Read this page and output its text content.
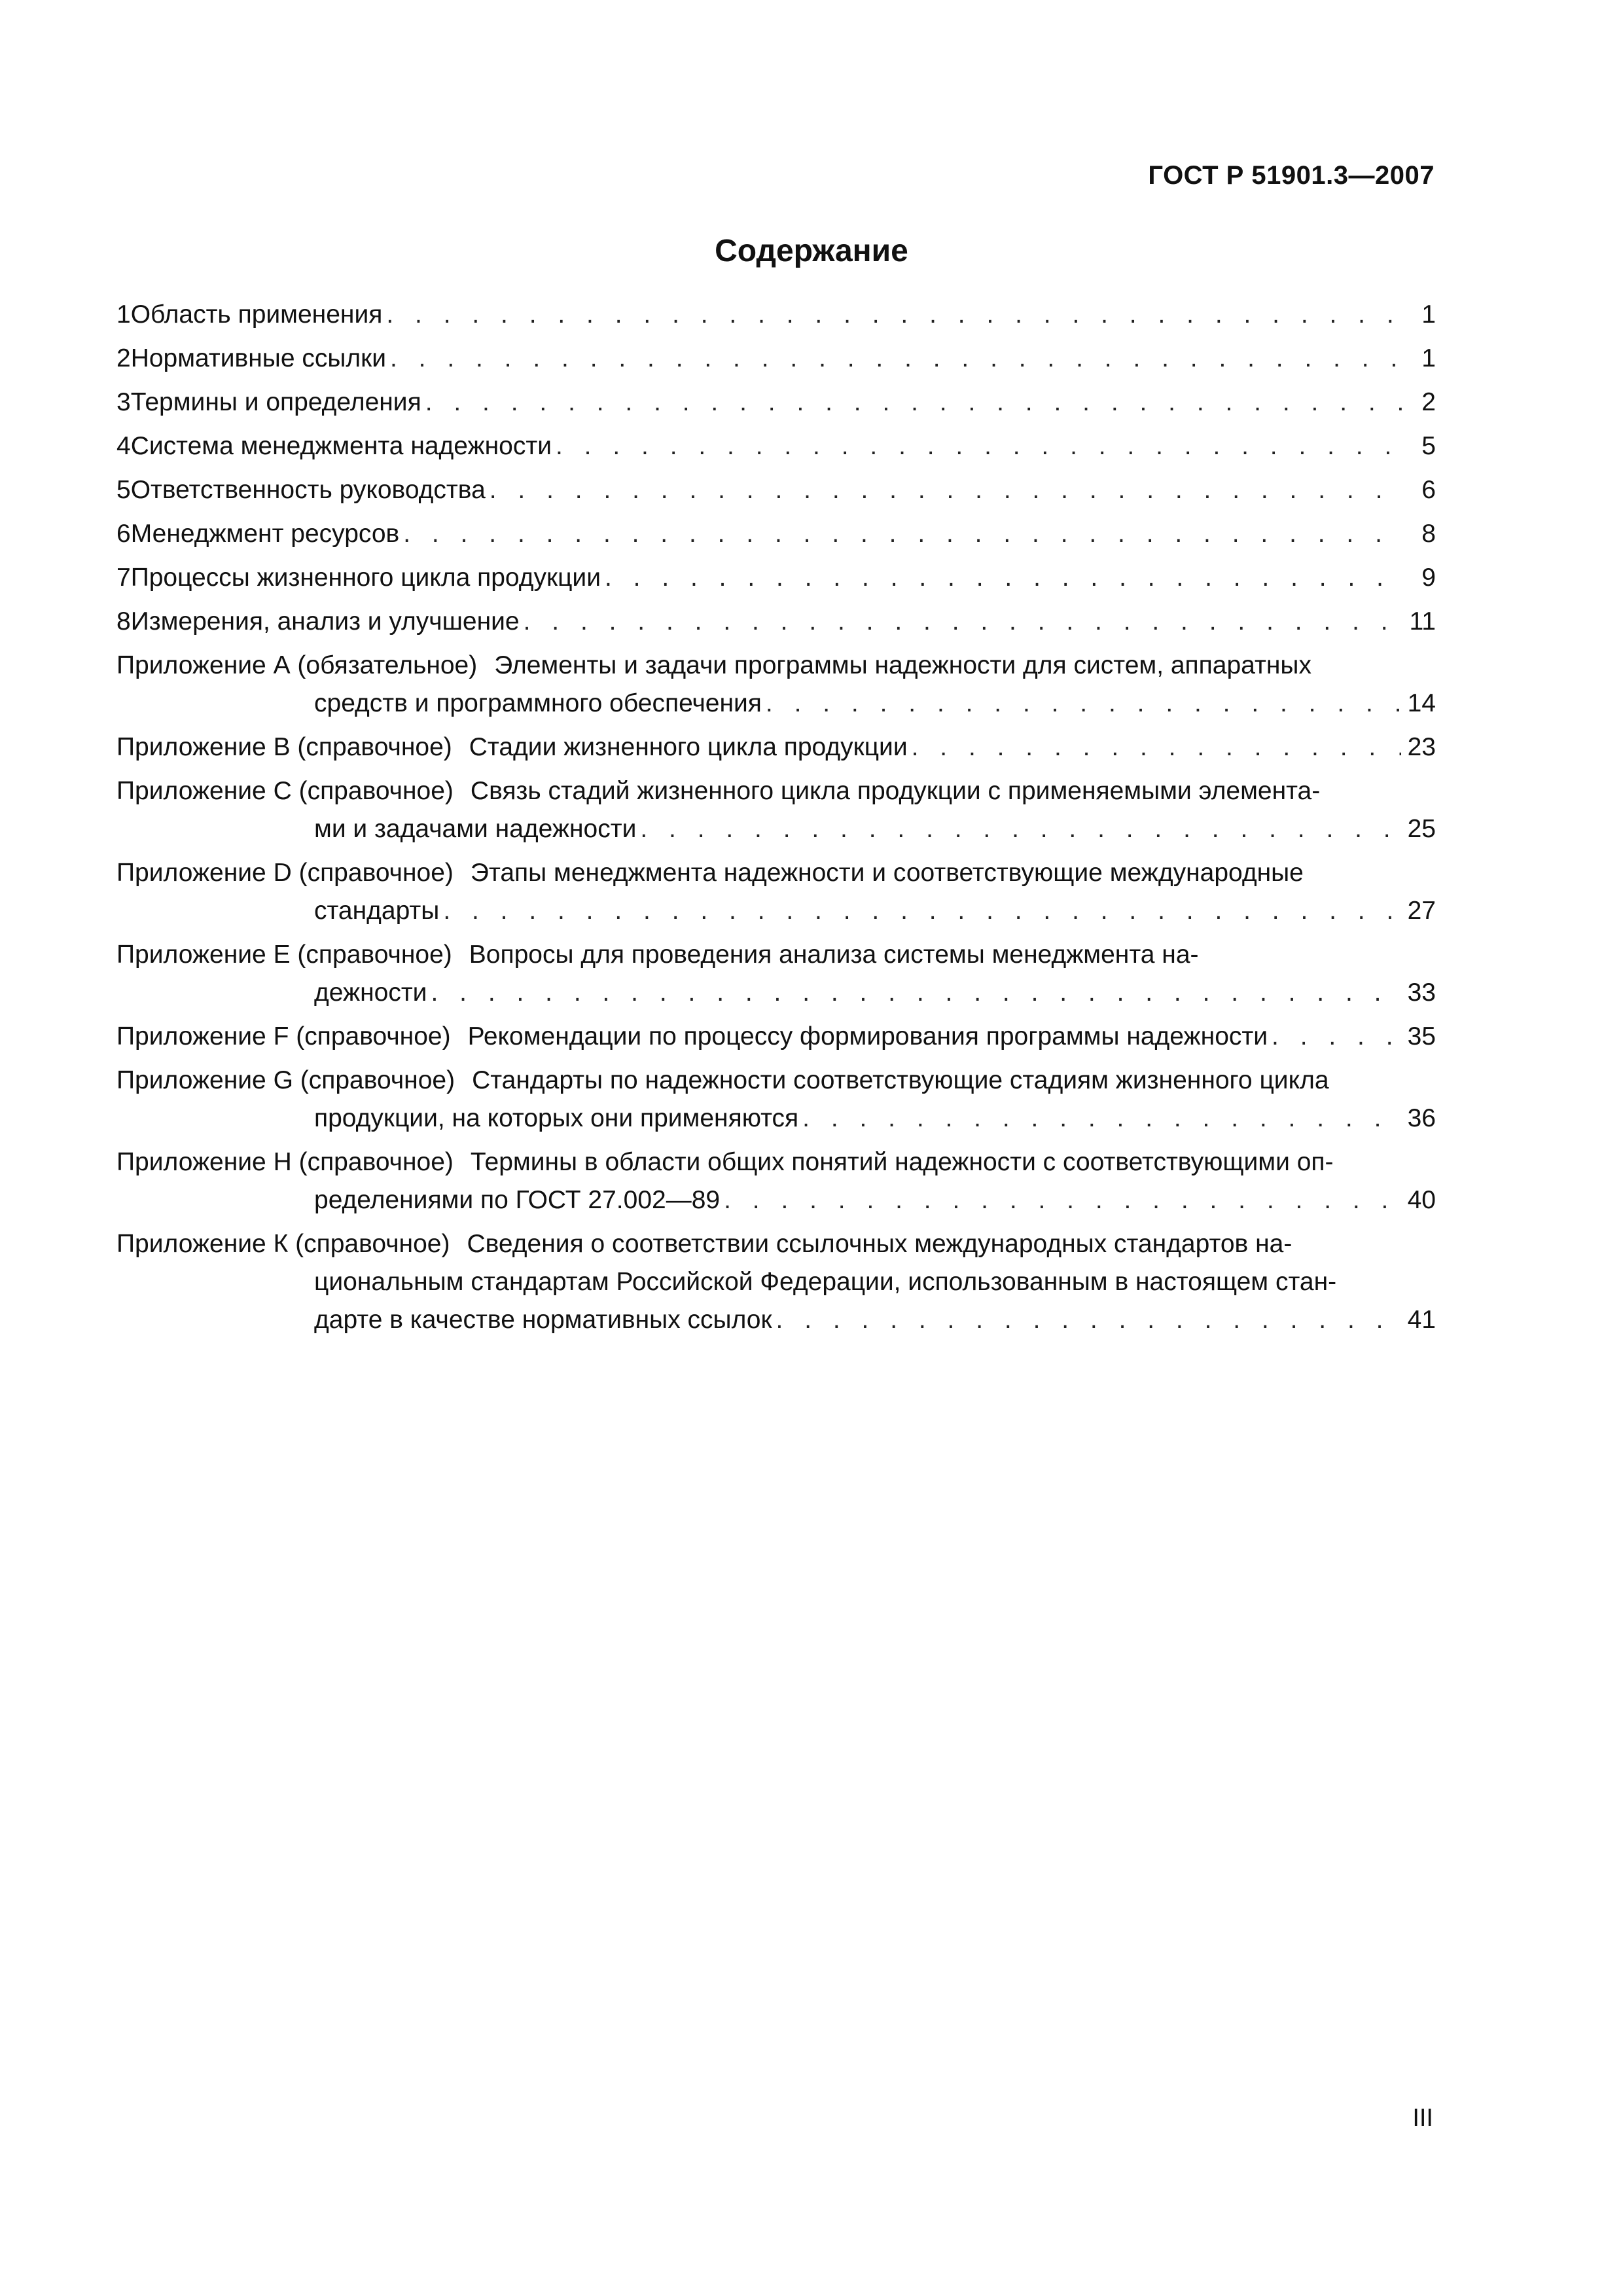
ГОСТ Р 51901.3—2007
Содержание
1 Область применения . . .	1
2 Нормативные ссылки . . .	1
3 Термины и определения . . .	2
4 Система менеджмента надежности . . .	5
5 Ответственность руководства . . .	6
6 Менеджмент ресурсов . . .	8
7 Процессы жизненного цикла продукции . . .	9
8 Измерения, анализ и улучшение . . .	11
Приложение А (обязательное) Элементы и задачи программы надежности для систем, аппаратных
средств и программного обеспечения . . .	14
Приложение В (справочное) Стадии жизненного цикла продукции . . .	23
Приложение С (справочное) Связь стадий жизненного цикла продукции с применяемыми элемента-
ми и задачами надежности . . .	25
Приложение D (справочное) Этапы менеджмента надежности и соответствующие международные
стандарты . . .	27
Приложение Е (справочное) Вопросы для проведения анализа системы менеджмента на-
дежности . . .	33
Приложение F (справочное) Рекомендации по процессу формирования программы надежности . . .	35
Приложение G (справочное) Стандарты по надежности соответствующие стадиям жизненного цикла
продукции, на которых они применяются . . .	36
Приложение Н (справочное) Термины в области общих понятий надежности с соответствующими оп-
ределениями по ГОСТ 27.002—89 . . .	40
Приложение К (справочное) Сведения о соответствии ссылочных международных стандартов на-
циональным стандартам Российской Федерации, использованным в настоящем стан-
дарте в качестве нормативных ссылок . . .	41
III
